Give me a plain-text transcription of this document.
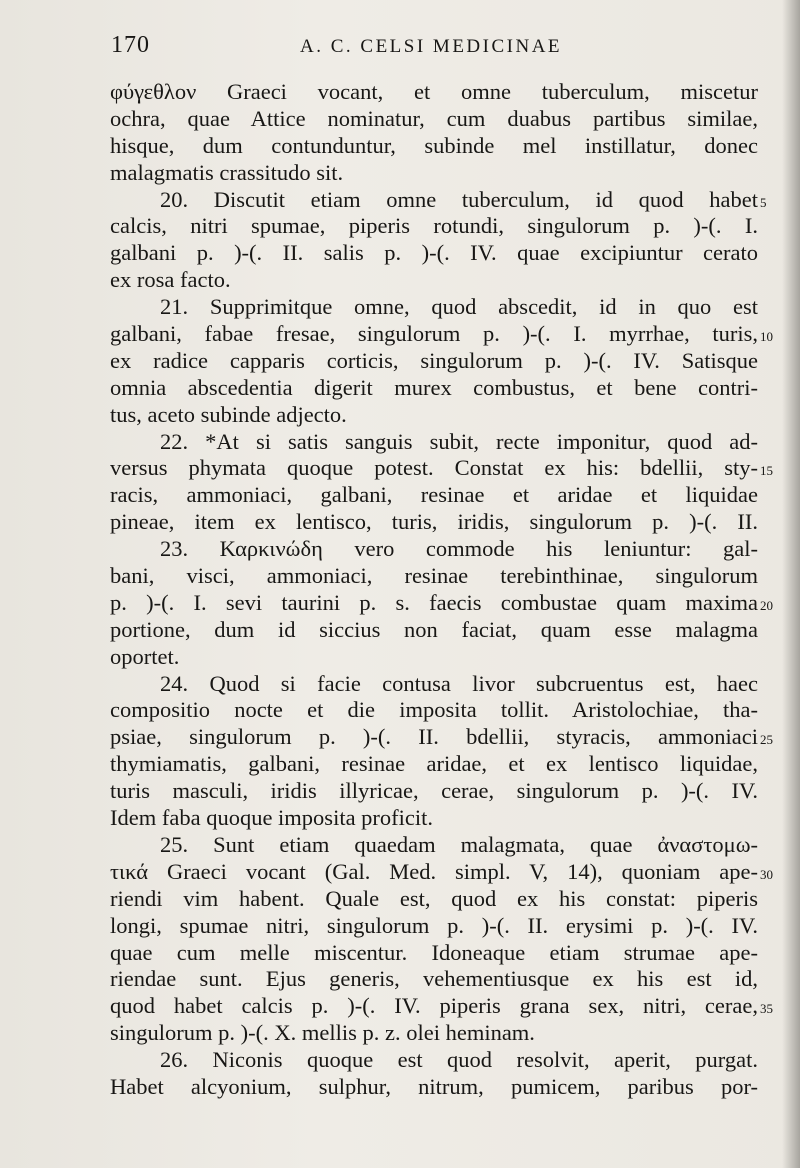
170	A. C. CELSI MEDICINAE
φύγεθλον Graeci vocant, et omne tuberculum, miscetur
ochra, quae Attice nominatur, cum duabus partibus similae,
hisque, dum contunduntur, subinde mel instillatur, donec
malagmatis crassitudo sit.
20. Discutit etiam omne tuberculum, id quod habet 5
calcis, nitri spumae, piperis rotundi, singulorum p. )-(. I.
galbani p. )-(. II. salis p. )-(. IV. quae excipiuntur cerato
ex rosa facto.
21. Supprimitque omne, quod abscedit, id in quo est
galbani, fabae fresae, singulorum p. )-(. I. myrrhae, turis, 10
ex radice capparis corticis, singulorum p. )-(. IV. Satisque
omnia abscedentia digerit murex combustus, et bene contri-
tus, aceto subinde adjecto.
22. *At si satis sanguis subit, recte imponitur, quod ad-
versus phymata quoque potest. Constat ex his: bdellii, sty- 15
racis, ammoniaci, galbani, resinae et aridae et liquidae
pineae, item ex lentisco, turis, iridis, singulorum p. )-(. II.
23. Καρκινώδη vero commode his leniuntur: gal-
bani, visci, ammoniaci, resinae terebinthinae, singulorum
p. )-(. I. sevi taurini p. s. faecis combustae quam maxima 20
portione, dum id siccius non faciat, quam esse malagma
oportet.
24. Quod si facie contusa livor subcruentus est, haec
compositio nocte et die imposita tollit. Aristolochiae, tha-
psiae, singulorum p. )-(. II. bdellii, styracis, ammoniaci 25
thymiamatis, galbani, resinae aridae, et ex lentisco liquidae,
turis masculi, iridis illyricae, cerae, singulorum p. )-(. IV.
Idem faba quoque imposita proficit.
25. Sunt etiam quaedam malagmata, quae ἀναστομω-
τικά Graeci vocant (Gal. Med. simpl. V, 14), quoniam ape- 30
riendi vim habent. Quale est, quod ex his constat: piperis
longi, spumae nitri, singulorum p. )-(. II. erysimi p. )-(. IV.
quae cum melle miscentur. Idoneaque etiam strumae ape-
riendae sunt. Ejus generis, vehementiusque ex his est id,
quod habet calcis p. )-(. IV. piperis grana sex, nitri, cerae, 35
singulorum p. )-(. X. mellis p. z. olei heminam.
26. Niconis quoque est quod resolvit, aperit, purgat.
Habet alcyonium, sulphur, nitrum, pumicem, paribus por-
